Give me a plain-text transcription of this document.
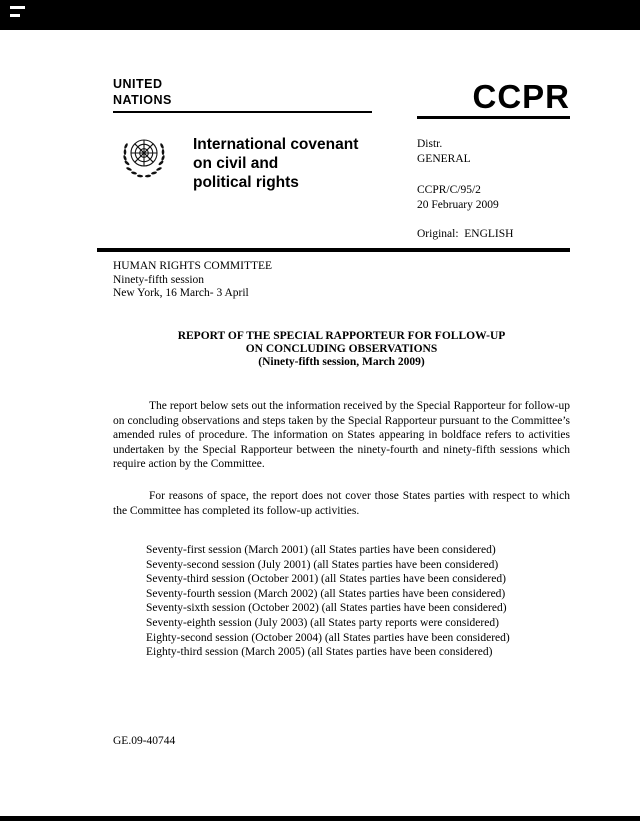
UNITED
NATIONS	CCPR
International covenant
on civil and
political rights
Distr.
GENERAL
CCPR/C/95/2
20 February 2009
Original:  ENGLISH
HUMAN RIGHTS COMMITTEE
Ninety-fifth session
New York, 16 March- 3 April
REPORT OF THE SPECIAL RAPPORTEUR FOR FOLLOW-UP
ON CONCLUDING OBSERVATIONS
(Ninety-fifth session, March 2009)
The report below sets out the information received by the Special Rapporteur for follow-up on concluding observations and steps taken by the Special Rapporteur pursuant to the Committee’s amended rules of procedure. The information on States appearing in boldface refers to activities undertaken by the Special Rapporteur between the ninety-fourth and ninety-fifth sessions which require action by the Committee.
For reasons of space, the report does not cover those States parties with respect to which the Committee has completed its follow-up activities.
Seventy-first session (March 2001) (all States parties have been considered)
Seventy-second session (July 2001) (all States parties have been considered)
Seventy-third session (October 2001) (all States parties have been considered)
Seventy-fourth session (March 2002) (all States parties have been considered)
Seventy-sixth session (October 2002) (all States parties have been considered)
Seventy-eighth session (July 2003) (all States party reports were considered)
Eighty-second session (October 2004) (all States parties have been considered)
Eighty-third session (March 2005) (all States parties have been considered)
GE.09-40744
